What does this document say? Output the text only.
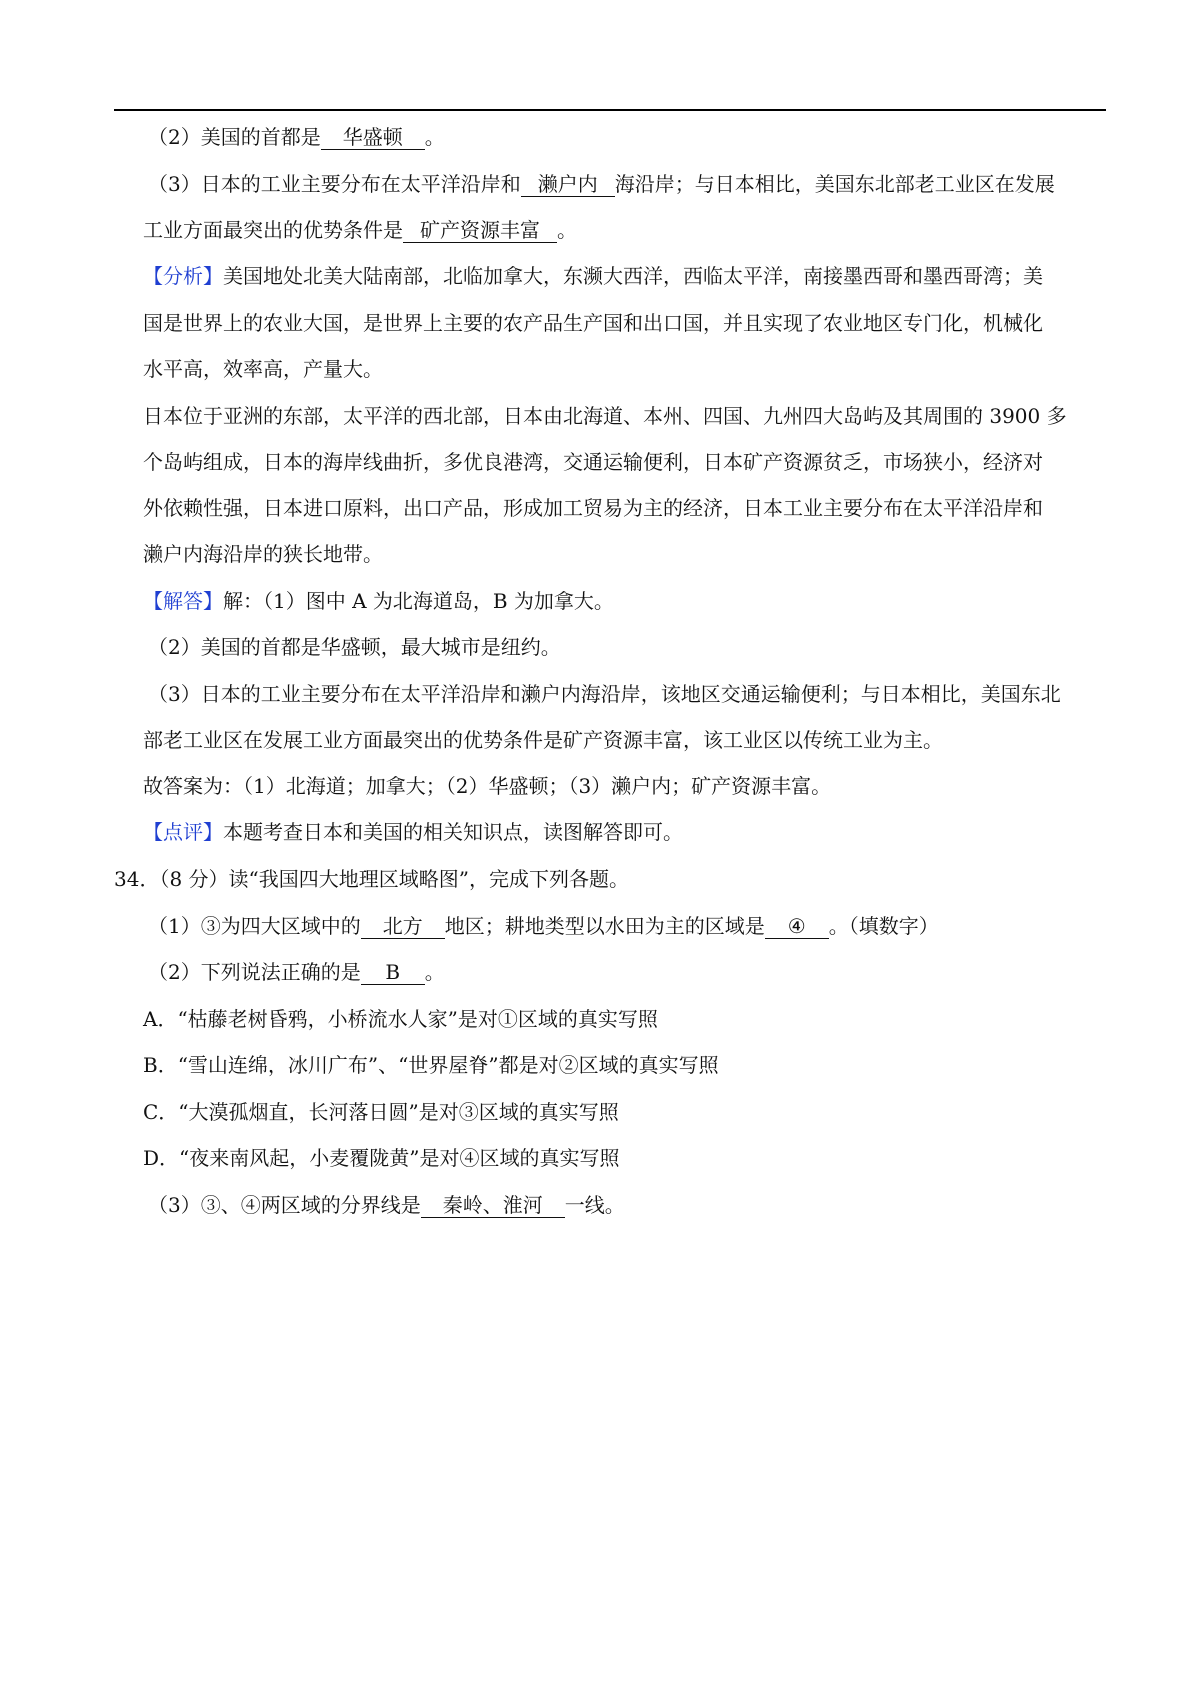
（2）美国的首都是 华盛顿 。
（3）日本的工业主要分布在太平洋沿岸和 濑户内 海沿岸；与日本相比，美国东北部老工业区在发展
工业方面最突出的优势条件是 矿产资源丰富 。
【分析】美国地处北美大陆南部，北临加拿大，东濒大西洋，西临太平洋，南接墨西哥和墨西哥湾；美
国是世界上的农业大国，是世界上主要的农产品生产国和出口国，并且实现了农业地区专门化，机械化
水平高，效率高，产量大。
日本位于亚洲的东部，太平洋的西北部，日本由北海道、本州、四国、九州四大岛屿及其周围的 3900 多
个岛屿组成，日本的海岸线曲折，多优良港湾，交通运输便利，日本矿产资源贫乏，市场狭小，经济对
外依赖性强，日本进口原料，出口产品，形成加工贸易为主的经济，日本工业主要分布在太平洋沿岸和
濑户内海沿岸的狭长地带。
【解答】解：（1）图中 A 为北海道岛，B 为加拿大。
（2）美国的首都是华盛顿，最大城市是纽约。
（3）日本的工业主要分布在太平洋沿岸和濑户内海沿岸，该地区交通运输便利；与日本相比，美国东北
部老工业区在发展工业方面最突出的优势条件是矿产资源丰富，该工业区以传统工业为主。
故答案为：（1）北海道；加拿大；（2）华盛顿；（3）濑户内；矿产资源丰富。
【点评】本题考查日本和美国的相关知识点，读图解答即可。
34．（8 分）读“我国四大地理区域略图”，完成下列各题。
（1）③为四大区域中的 北方 地区；耕地类型以水田为主的区域是 ④ 。（填数字）
（2）下列说法正确的是 B 。
A．“枯藤老树昏鸦，小桥流水人家”是对①区域的真实写照
B．“雪山连绵，冰川广布”、“世界屋脊”都是对②区域的真实写照
C．“大漠孤烟直，长河落日圆”是对③区域的真实写照
D．“夜来南风起，小麦覆陇黄”是对④区域的真实写照
（3）③、④两区域的分界线是 秦岭、淮河 一线。
